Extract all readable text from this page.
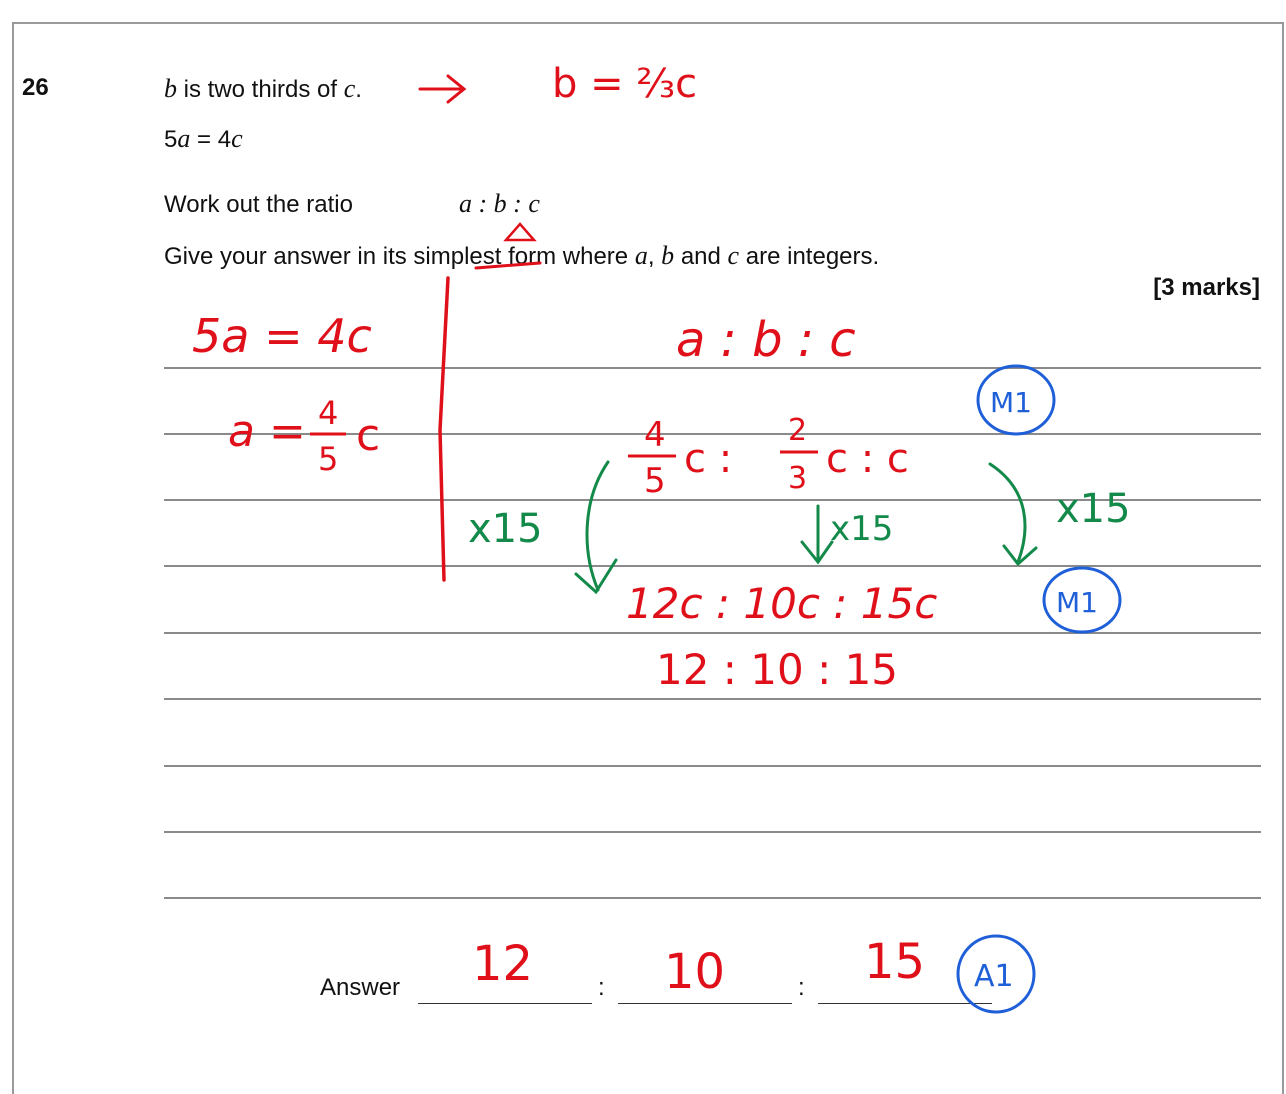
26	b is two thirds of c.
5a = 4c
Work out the ratio	a : b : c
Give your answer in its simplest form where a, b and c are integers.
[3 marks]
Answer	:	:
b = ⅔c
5a = 4c
a = 4
5 c
a : b : c
4
5 c :
2
3 c : c
x15	x15	x15
12c : 10c : 15c
12 : 10 : 15
M1
M1
12	10	15 A1
